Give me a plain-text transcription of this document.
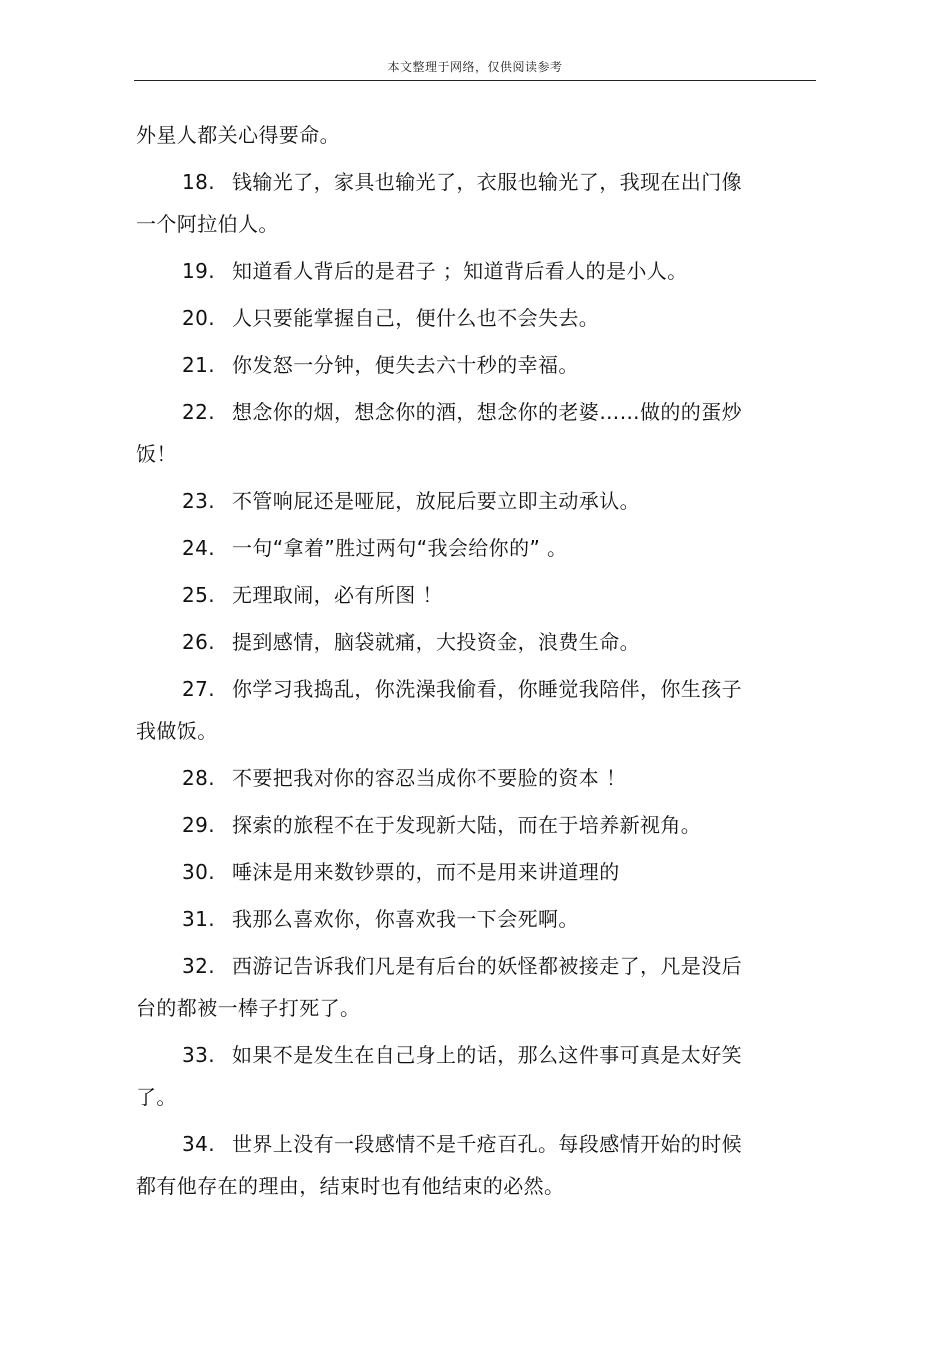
本文整理于网络，仅供阅读参考

外星人都关心得要命。

18. 钱输光了，家具也输光了，衣服也输光了，我现在出门像一个阿拉伯人。

19. 知道看人背后的是君子 ；知道背后看人的是小人。

20. 人只要能掌握自己，便什么也不会失去。

21. 你发怒一分钟，便失去六十秒的幸福。

22. 想念你的烟，想念你的酒，想念你的老婆……做的的蛋炒饭！

23. 不管响屁还是哑屁，放屁后要立即主动承认。

24. 一句“拿着”胜过两句“我会给你的” 。

25. 无理取闹，必有所图 ！

26. 提到感情，脑袋就痛，大投资金，浪费生命。

27. 你学习我捣乱，你洗澡我偷看，你睡觉我陪伴，你生孩子我做饭。

28. 不要把我对你的容忍当成你不要脸的资本 ！

29. 探索的旅程不在于发现新大陆，而在于培养新视角。

30. 唾沫是用来数钞票的，而不是用来讲道理的

31. 我那么喜欢你，你喜欢我一下会死啊。

32. 西游记告诉我们凡是有后台的妖怪都被接走了，凡是没后台的都被一棒子打死了。

33. 如果不是发生在自己身上的话，那么这件事可真是太好笑了。

34. 世界上没有一段感情不是千疮百孔。每段感情开始的时候都有他存在的理由，结束时也有他结束的必然。
